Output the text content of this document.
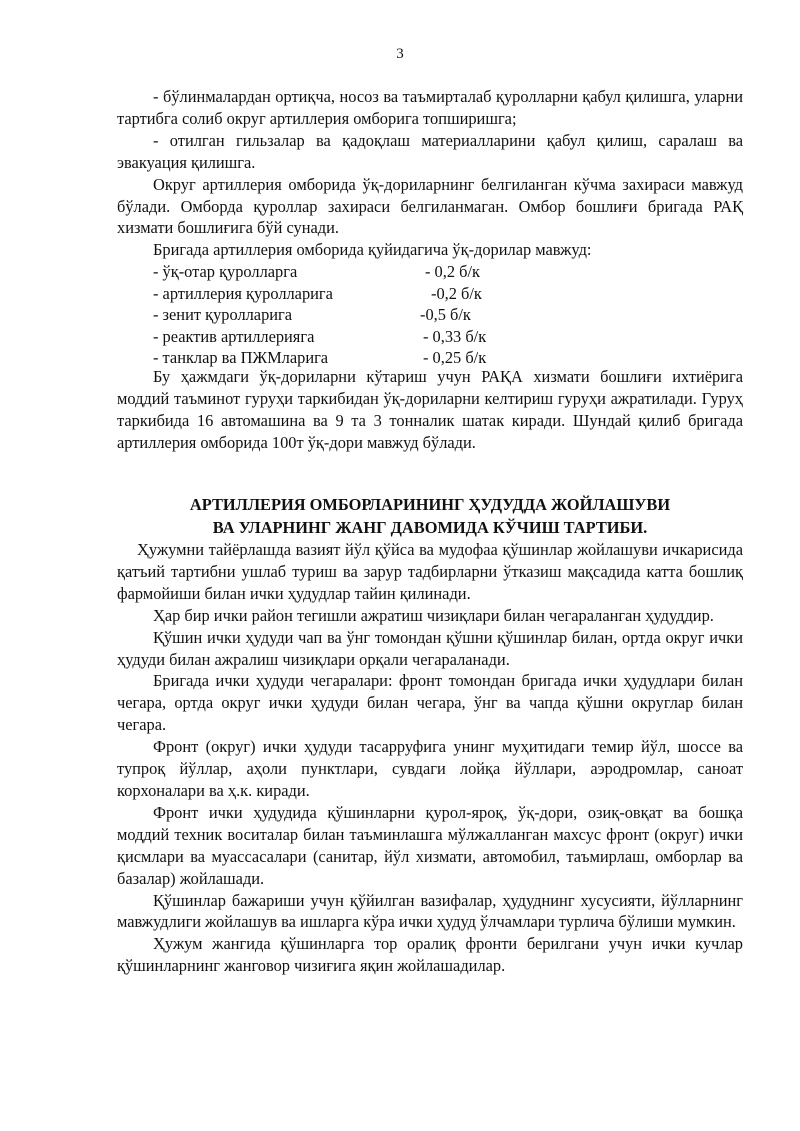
3

- бўлинмалардан ортиқча, носоз ва таъмирталаб қуролларни қабул қилишга, уларни тартибга солиб округ артиллерия омборига топширишга;

- отилган гильзалар ва қадоқлаш материалларини қабул қилиш, саралаш ва эвакуация қилишга.

Округ артиллерия омборида ўқ-дориларнинг белгиланган кўчма захираси мавжуд бўлади. Омборда қуроллар захираси белгиланмаган. Омбор бошлиғи бригада РАҚ хизмати бошлиғига бўй сунади.

Бригада артиллерия омборида қуйидагича ўқ-дорилар мавжуд:

- ўқ-отар қуролларга	- 0,2 б/к
- артиллерия қуролларига	-0,2 б/к
- зенит қуролларига	-0,5 б/к
- реактив артиллерияга	- 0,33 б/к
- танклар ва ПЖМларига	- 0,25 б/к

Бу ҳажмдаги ўқ-дориларни кўтариш учун РАҚА хизмати бошлиғи ихтиёрига моддий таъминот гуруҳи таркибидан ўқ-дориларни келтириш гуруҳи ажратилади. Гуруҳ таркибида 16 автомашина ва 9 та 3 тонналик шатак киради. Шундай қилиб бригада артиллерия омборида 100т ўқ-дори мавжуд бўлади.

АРТИЛЛЕРИЯ ОМБОРЛАРИНИНГ ҲУДУДДА ЖОЙЛАШУВИ
ВА УЛАРНИНГ ЖАНГ ДАВОМИДА КЎЧИШ ТАРТИБИ.

Ҳужумни тайёрлашда вазият йўл қўйса ва мудофаа қўшинлар жойлашуви ичкарисида қатъий тартибни ушлаб туриш ва зарур тадбирларни ўтказиш мақсадида катта бошлиқ фармойиши билан ички ҳудудлар тайин қилинади.

Ҳар бир ички район тегишли ажратиш чизиқлари билан чегараланган ҳудуддир.

Қўшин ички ҳудуди чап ва ўнг томондан қўшни қўшинлар билан, ортда округ ички ҳудуди билан ажралиш чизиқлари орқали чегараланади.

Бригада ички ҳудуди чегаралари: фронт томондан бригада ички ҳудудлари билан чегара, ортда округ ички ҳудуди билан чегара, ўнг ва чапда қўшни округлар билан чегара.

Фронт (округ) ички ҳудуди тасарруфига унинг муҳитидаги темир йўл, шоссе ва тупроқ йўллар, аҳоли пунктлари, сувдаги лойқа йўллари, аэродромлар, саноат корхоналари ва ҳ.к. киради.

Фронт ички ҳудудида қўшинларни қурол-яроқ, ўқ-дори, озиқ-овқат ва бошқа моддий техник воситалар билан таъминлашга мўлжалланган махсус фронт (округ) ички қисмлари ва муассасалари (санитар, йўл хизмати, автомобил, таъмирлаш, омборлар ва базалар) жойлашади.

Қўшинлар бажариши учун қўйилган вазифалар, ҳудуднинг хусусияти, йўлларнинг мавжудлиги жойлашув ва ишларга кўра ички ҳудуд ўлчамлари турлича бўлиши мумкин.

Ҳужум жангида қўшинларга тор оралиқ фронти берилгани учун ички кучлар қўшинларнинг жанговор чизиғига яқин жойлашадилар.
